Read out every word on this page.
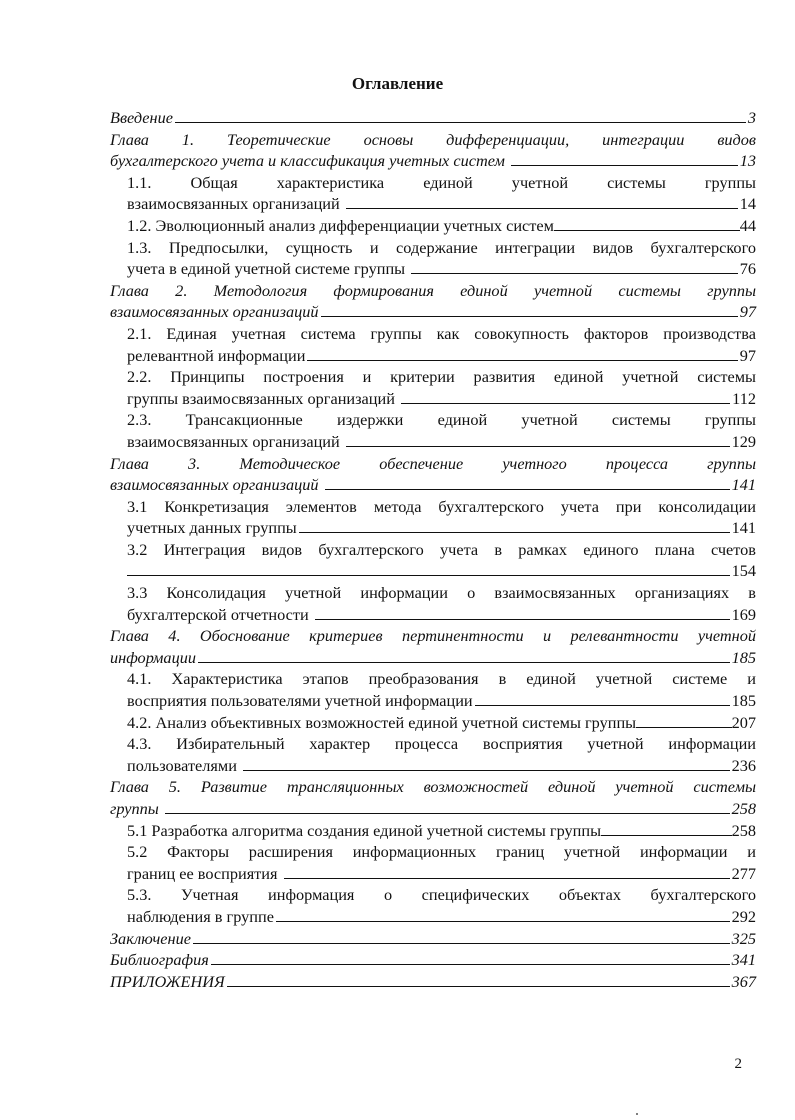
Оглавление
Введение	3
Глава 1. Теоретические основы дифференциации, интеграции видов
бухгалтерского учета и классификация учетных систем	13
1.1. Общая характеристика единой учетной системы группы
взаимосвязанных организаций	14
1.2. Эволюционный анализ дифференциации учетных систем	44
1.3. Предпосылки, сущность и содержание интеграции видов бухгалтерского
учета в единой учетной системе группы	76
Глава 2. Методология формирования единой учетной системы группы
взаимосвязанных организаций	97
2.1. Единая учетная система группы как совокупность факторов производства
релевантной информации	97
2.2. Принципы построения и критерии развития единой учетной системы
группы взаимосвязанных организаций	112
2.3. Трансакционные издержки единой учетной системы группы
взаимосвязанных организаций	129
Глава 3. Методическое обеспечение учетного процесса группы
взаимосвязанных организаций	141
3.1 Конкретизация элементов метода бухгалтерского учета при консолидации
учетных данных группы	141
3.2 Интеграция видов бухгалтерского учета в рамках единого плана счетов
154
3.3 Консолидация учетной информации о взаимосвязанных организациях в
бухгалтерской отчетности	169
Глава 4. Обоснование критериев пертинентности и релевантности учетной
информации	185
4.1. Характеристика этапов преобразования в единой учетной системе и
восприятия пользователями учетной информации	185
4.2. Анализ объективных возможностей единой учетной системы группы	207
4.3. Избирательный характер процесса восприятия учетной информации
пользователями	236
Глава 5. Развитие трансляционных возможностей единой учетной системы
группы	258
5.1 Разработка алгоритма создания единой учетной системы группы	258
5.2 Факторы расширения информационных границ учетной информации и
границ ее восприятия	277
5.3. Учетная информация о специфических объектах бухгалтерского
наблюдения в группе	292
Заключение	325
Библиография	341
ПРИЛОЖЕНИЯ	367
2
